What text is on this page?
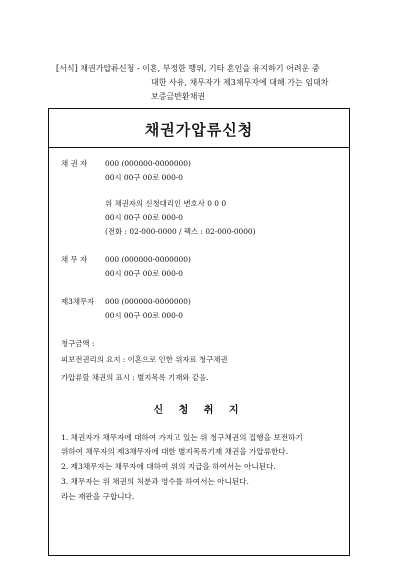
[서식] 채권가압류신청 - 이혼, 부정한 행위, 기타 혼인을 유지하기 어려운 중
대한 사유, 채무자가 제3채무자에 대해 가는 임대차
보증금반환채권
채권가압류신청
채 권 자 000 (000000-0000000)
00시 00구 00로 000-0
위 채권자의 신청대리인 변호사 0 0 0
00시 00구 00로 000-0
(전화 : 02-000-0000 / 팩스 : 02-000-0000)
채 무 자 000 (000000-0000000)
00시 00구 00로 000-0
제3채무자 000 (000000-0000000)
00시 00구 00로 000-0
청구금액 :
피보전권리의 요지 : 이혼으로 인한 위자료 청구채권
가압류할 채권의 표시 : 별지목록 기재와 같음.
신 청 취 지
1. 채권자가 채무자에 대하여 가지고 있는 위 청구채권의 집행을 보전하기
위하여 채무자의 제3채무자에 대한 별지목록기재 채권을 가압류한다.
2. 제3채무자는 채무자에 대하여 위의 지급을 하여서는 아니된다.
3. 채무자는 위 채권의 처분과 영수를 하여서는 아니된다.
라는 재판을 구합니다.
